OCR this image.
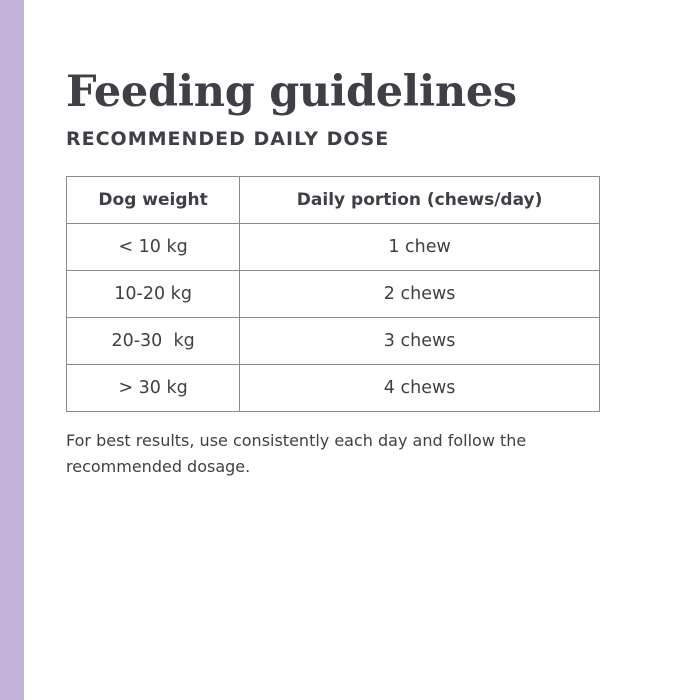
Feeding guidelines
RECOMMENDED DAILY DOSE
Dog weight	Daily portion (chews/day)
< 10 kg	1 chew
10-20 kg	2 chews
20-30  kg	3 chews
> 30 kg	4 chews

For best results, use consistently each day and follow the recommended dosage.
